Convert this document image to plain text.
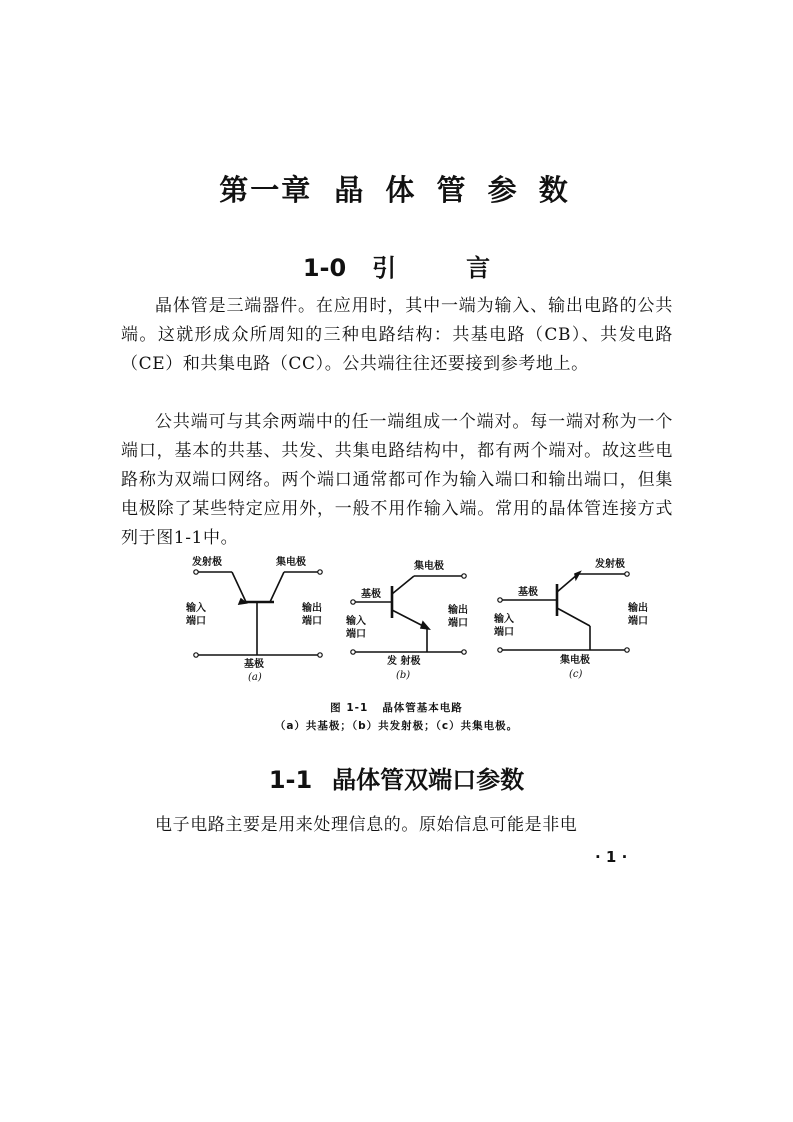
第一章 晶 体 管 参 数
1-0 引	言

晶体管是三端器件。在应用时，其中一端为输入、输出电路的公共端。这就形成众所周知的三种电路结构：共基电路（CB）、共发电路（CE）和共集电路（CC）。公共端往往还要接到参考地上。

公共端可与其余两端中的任一端组成一个端对。每一端对称为一个端口，基本的共基、共发、共集电路结构中，都有两个端对。故这些电路称为双端口网络。两个端口通常都可作为输入端口和输出端口，但集电极除了某些特定应用外，一般不用作输入端。常用的晶体管连接方式列于图1-1中。

发射极	集电极
输入
端口
输出
端口
基极
(a)
集电极
基极
输入
端口
输出
端口
发 射极
(b)
发射极
基极
输入
端口
输出
端口
集电极
(c)
图 1-1 晶体管基本电路
（a）共基极；（b）共发射极；（c）共集电极。
1-1 晶体管双端口参数

电子电路主要是用来处理信息的。原始信息可能是非电

· 1 ·
